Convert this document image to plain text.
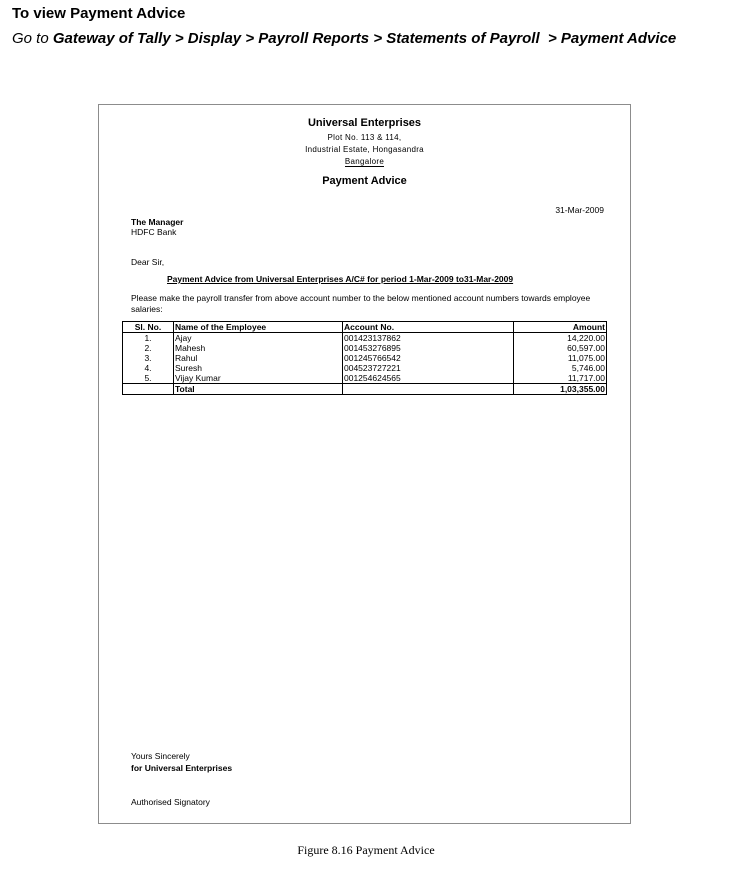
To view Payment Advice
Go to Gateway of Tally > Display > Payroll Reports > Statements of Payroll > Payment Advice
Universal Enterprises
Plot No. 113 & 114,
Industrial Estate, Hongasandra
Bangalore
Payment Advice
31-Mar-2009
The Manager
HDFC Bank
Dear Sir,
Payment Advice from Universal Enterprises A/C# for period 1-Mar-2009 to31-Mar-2009
Please make the payroll transfer from above account number to the below mentioned account numbers towards employee salaries:
Sl. No.	Name of the Employee	Account No.	Amount
1.	Ajay	001423137862	14,220.00
2.	Mahesh	001453276895	60,597.00
3.	Rahul	001245766542	11,075.00
4.	Suresh	004523727221	5,746.00
5.	Vijay Kumar	001254624565	11,717.00
	Total		1,03,355.00
Yours Sincerely
for Universal Enterprises
Authorised Signatory
Figure 8.16 Payment Advice
